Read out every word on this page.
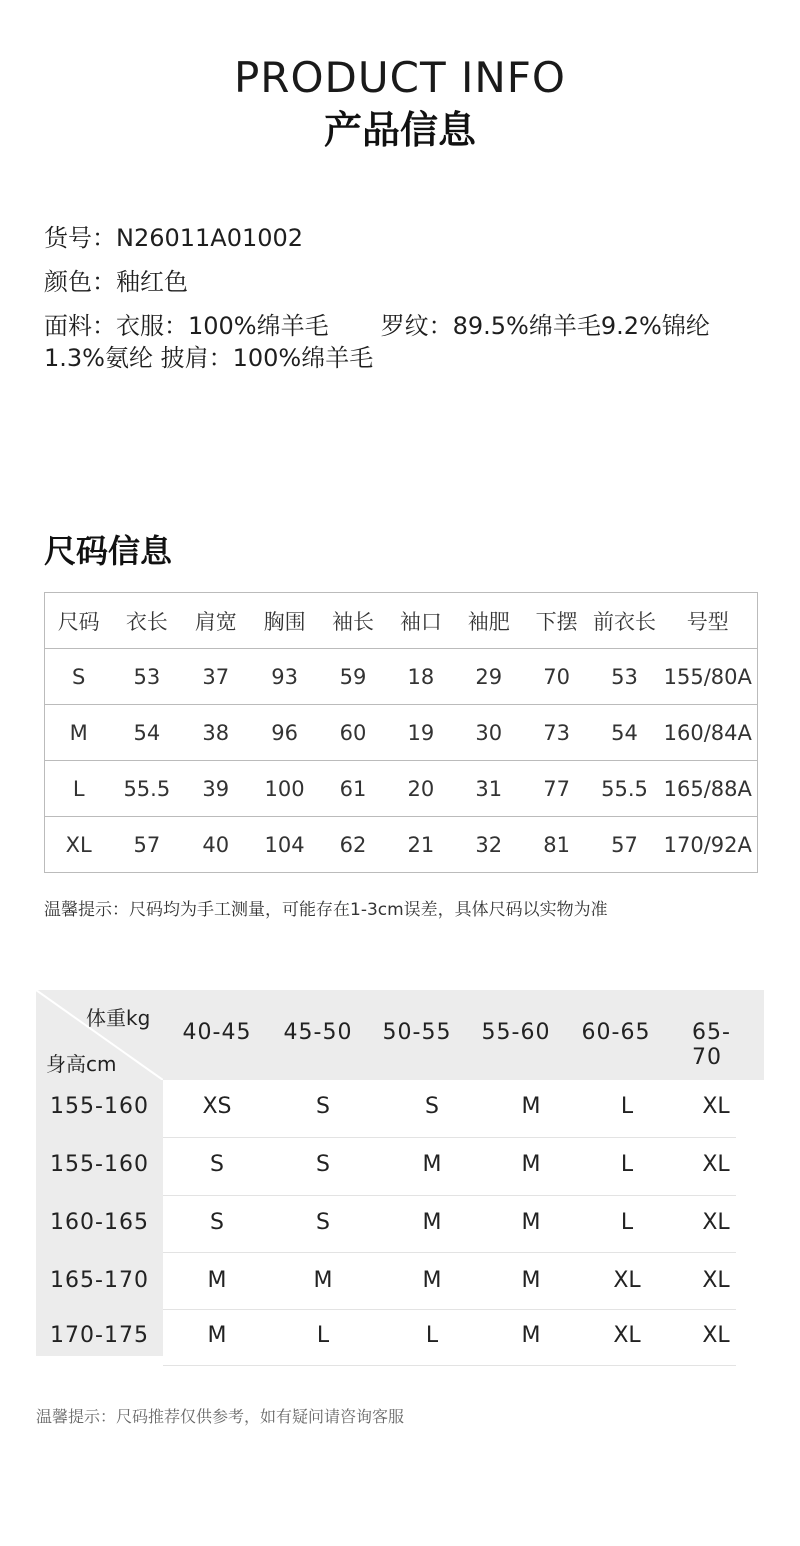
PRODUCT INFO
产品信息
货号：N26011A01002
颜色：釉红色
面料：衣服：100%绵羊毛 罗纹：89.5%绵羊毛9.2%锦纶
1.3%氨纶 披肩：100%绵羊毛
尺码信息
尺码	衣长	肩宽	胸围	袖长	袖口	袖肥	下摆	前衣长	号型
S	53	37	93	59	18	29	70	53	155/80A
M	54	38	96	60	19	30	73	54	160/84A
L	55.5	39	100	61	20	31	77	55.5	165/88A
XL	57	40	104	62	21	32	81	57	170/92A
温馨提示：尺码均为手工测量，可能存在1-3cm误差，具体尺码以实物为准
体重kg
身高cm
40-45 45-50 50-55 55-60 60-65 65-70
155-160	XS	S	S	M	L	XL
155-160	S	S	M	M	L	XL
160-165	S	S	M	M	L	XL
165-170	M	M	M	M	XL	XL
170-175	M	L	L	M	XL	XL
温馨提示：尺码推荐仅供参考，如有疑问请咨询客服
